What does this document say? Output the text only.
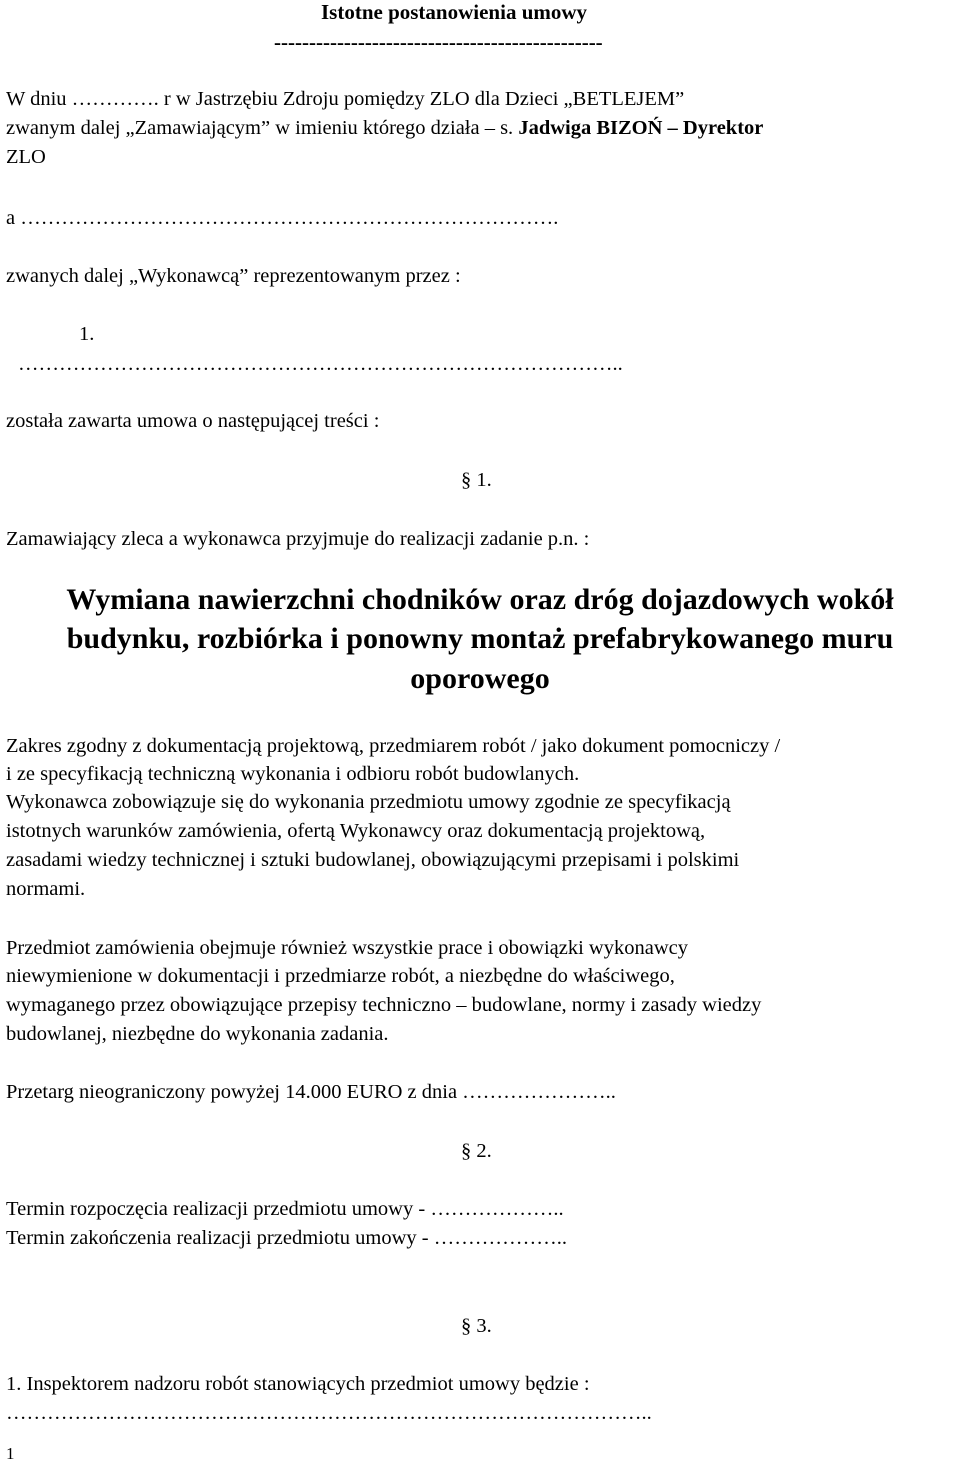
Istotne postanowienia umowy
-----------------------------------------------
W dniu …………. r w Jastrzębiu Zdroju pomiędzy ZLO dla Dzieci „BETLEJEM”
zwanym dalej „Zamawiającym” w imieniu którego działa – s. Jadwiga BIZOŃ – Dyrektor
ZLO
a …………………………………………………………………….
zwanych dalej „Wykonawcą” reprezentowanym przez :
1.
……………………………………………………………………………..
została zawarta umowa o następującej treści :
§ 1.
Zamawiający zleca a wykonawca przyjmuje do realizacji zadanie p.n. :
Wymiana nawierzchni chodników oraz dróg dojazdowych wokół
budynku, rozbiórka i ponowny montaż prefabrykowanego muru
oporowego
Zakres zgodny z dokumentacją projektową, przedmiarem robót / jako dokument pomocniczy /
i ze specyfikacją techniczną wykonania i odbioru robót budowlanych.
Wykonawca zobowiązuje się do wykonania przedmiotu umowy zgodnie ze specyfikacją
istotnych warunków zamówienia, ofertą Wykonawcy oraz dokumentacją projektową,
zasadami wiedzy technicznej i sztuki budowlanej, obowiązującymi przepisami i polskimi
normami.
Przedmiot zamówienia obejmuje również wszystkie prace i obowiązki wykonawcy
niewymienione w dokumentacji i przedmiarze robót, a niezbędne do właściwego,
wymaganego przez obowiązujące przepisy techniczno – budowlane, normy i zasady wiedzy
budowlanej, niezbędne do wykonania zadania.
Przetarg nieograniczony powyżej 14.000 EURO z dnia …………………..
§ 2.
Termin rozpoczęcia realizacji przedmiotu umowy - ………………..
Termin zakończenia realizacji przedmiotu umowy - ………………..
§ 3.
1. Inspektorem nadzoru robót stanowiących przedmiot umowy będzie :
…………………………………………………………………………………..
1
